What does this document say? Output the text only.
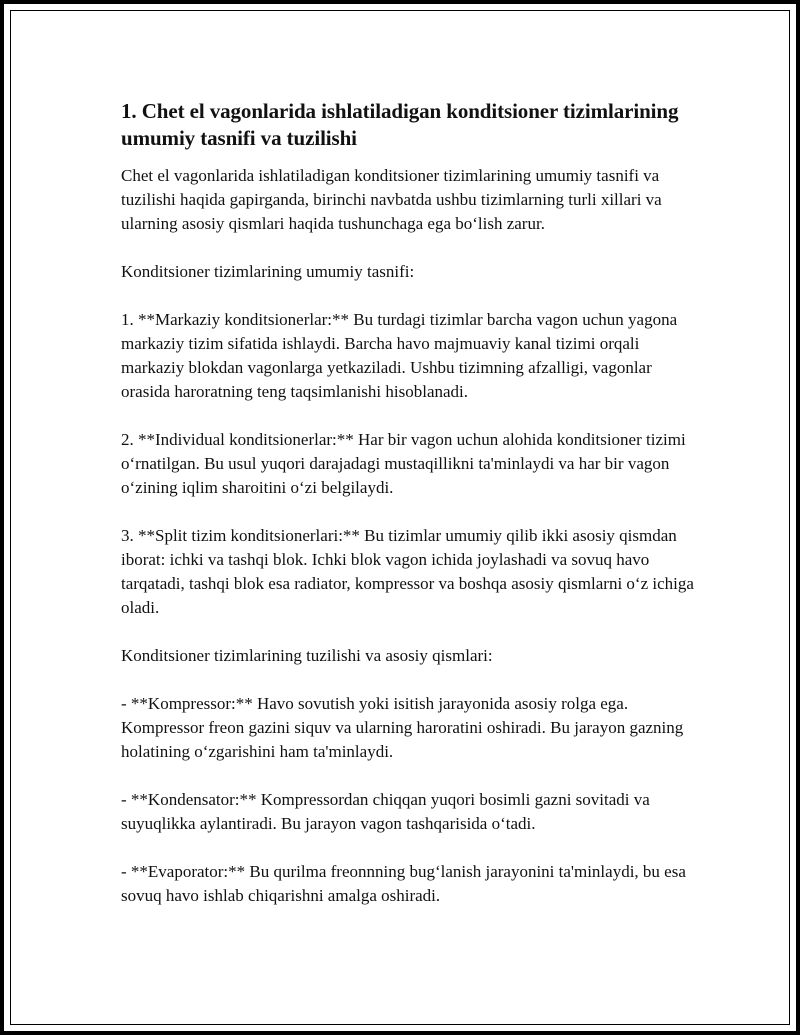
1. Chet el vagonlarida ishlatiladigan konditsioner tizimlarining umumiy tasnifi va tuzilishi

Chet el vagonlarida ishlatiladigan konditsioner tizimlarining umumiy tasnifi va tuzilishi haqida gapirganda, birinchi navbatda ushbu tizimlarning turli xillari va ularning asosiy qismlari haqida tushunchaga ega bo‘lish zarur.

Konditsioner tizimlarining umumiy tasnifi:

1. **Markaziy konditsionerlar:** Bu turdagi tizimlar barcha vagon uchun yagona markaziy tizim sifatida ishlaydi. Barcha havo majmuaviy kanal tizimi orqali markaziy blokdan vagonlarga yetkaziladi. Ushbu tizimning afzalligi, vagonlar orasida haroratning teng taqsimlanishi hisoblanadi.

2. **Individual konditsionerlar:** Har bir vagon uchun alohida konditsioner tizimi o‘rnatilgan. Bu usul yuqori darajadagi mustaqillikni ta'minlaydi va har bir vagon o‘zining iqlim sharoitini o‘zi belgilaydi.

3. **Split tizim konditsionerlari:** Bu tizimlar umumiy qilib ikki asosiy qismdan iborat: ichki va tashqi blok. Ichki blok vagon ichida joylashadi va sovuq havo tarqatadi, tashqi blok esa radiator, kompressor va boshqa asosiy qismlarni o‘z ichiga oladi.

Konditsioner tizimlarining tuzilishi va asosiy qismlari:

- **Kompressor:** Havo sovutish yoki isitish jarayonida asosiy rolga ega. Kompressor freon gazini siquv va ularning haroratini oshiradi. Bu jarayon gazning holatining o‘zgarishini ham ta'minlaydi.

- **Kondensator:** Kompressordan chiqqan yuqori bosimli gazni sovitadi va suyuqlikka aylantiradi. Bu jarayon vagon tashqarisida o‘tadi.

- **Evaporator:** Bu qurilma freonnning bug‘lanish jarayonini ta'minlaydi, bu esa sovuq havo ishlab chiqarishni amalga oshiradi.
